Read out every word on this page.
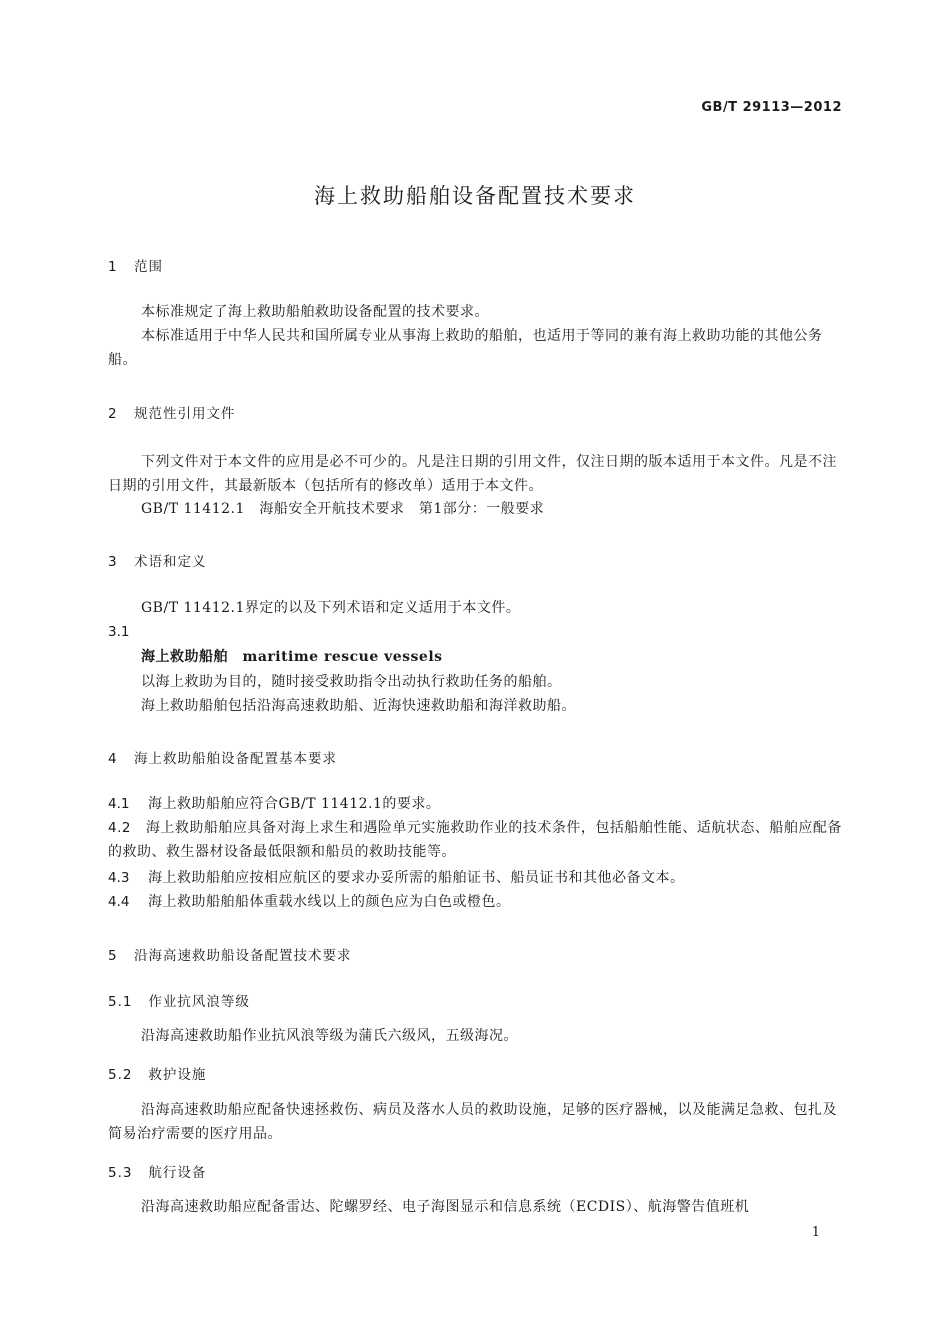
GB/T 29113—2012
海上救助船舶设备配置技术要求
1 范围
本标准规定了海上救助船舶救助设备配置的技术要求。
本标准适用于中华人民共和国所属专业从事海上救助的船舶，也适用于等同的兼有海上救助功能的其他公务船。
2 规范性引用文件
下列文件对于本文件的应用是必不可少的。凡是注日期的引用文件，仅注日期的版本适用于本文件。凡是不注日期的引用文件，其最新版本（包括所有的修改单）适用于本文件。
GB/T 11412.1　海船安全开航技术要求　第1部分：一般要求
3 术语和定义
GB/T 11412.1界定的以及下列术语和定义适用于本文件。
3.1
海上救助船舶　 maritime rescue vessels
以海上救助为目的，随时接受救助指令出动执行救助任务的船舶。
海上救助船舶包括沿海高速救助船、近海快速救助船和海洋救助船。
4 海上救助船舶设备配置基本要求
4.1 海上救助船舶应符合GB/T 11412.1的要求。
4.2 海上救助船舶应具备对海上求生和遇险单元实施救助作业的技术条件，包括船舶性能、适航状态、船舶应配备的救助、救生器材设备最低限额和船员的救助技能等。
4.3 海上救助船舶应按相应航区的要求办妥所需的船舶证书、船员证书和其他必备文本。
4.4 海上救助船舶船体重载水线以上的颜色应为白色或橙色。
5 沿海高速救助船设备配置技术要求
5.1 作业抗风浪等级
沿海高速救助船作业抗风浪等级为蒲氏六级风，五级海况。
5.2 救护设施
沿海高速救助船应配备快速拯救伤、病员及落水人员的救助设施，足够的医疗器械，以及能满足急救、包扎及简易治疗需要的医疗用品。
5.3 航行设备
沿海高速救助船应配备雷达、陀螺罗经、电子海图显示和信息系统（ECDIS）、航海警告值班机
1
